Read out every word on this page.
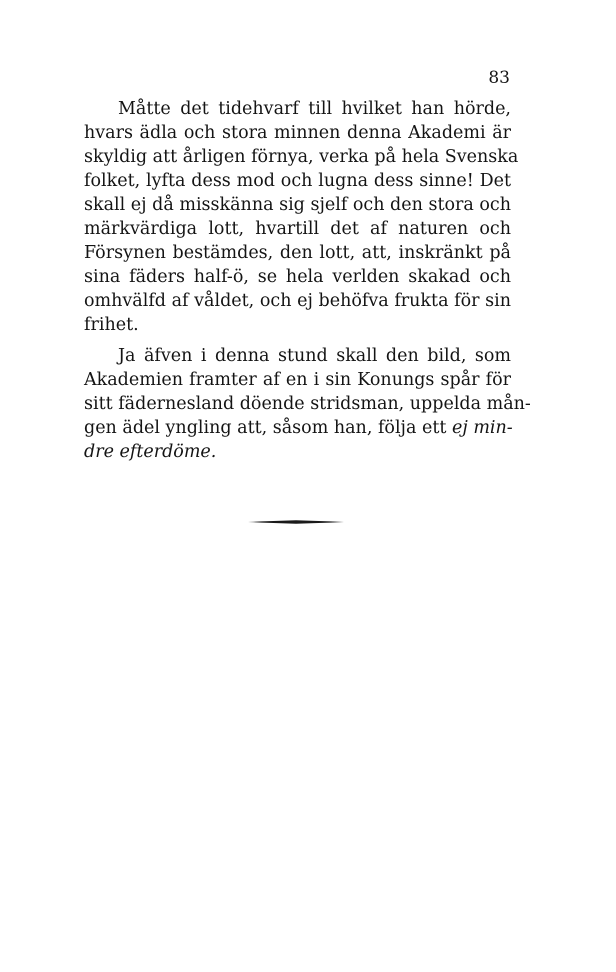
83
Måtte det tidehvarf till hvilket han hörde,
hvars ädla och stora minnen denna Akademi är
skyldig att årligen förnya, verka på hela Svenska
folket, lyfta dess mod och lugna dess sinne! Det
skall ej då misskänna sig sjelf och den stora och
märkvärdiga lott, hvartill det af naturen och
Försynen bestämdes, den lott, att, inskränkt på
sina fäders half-ö, se hela verlden skakad och
omhvälfd af våldet, och ej behöfva frukta för sin
frihet.
Ja äfven i denna stund skall den bild, som
Akademien framter af en i sin Konungs spår för
sitt fädernesland döende stridsman, uppelda mån-
gen ädel yngling att, såsom han, följa ett ej min-
dre efterdöme.
